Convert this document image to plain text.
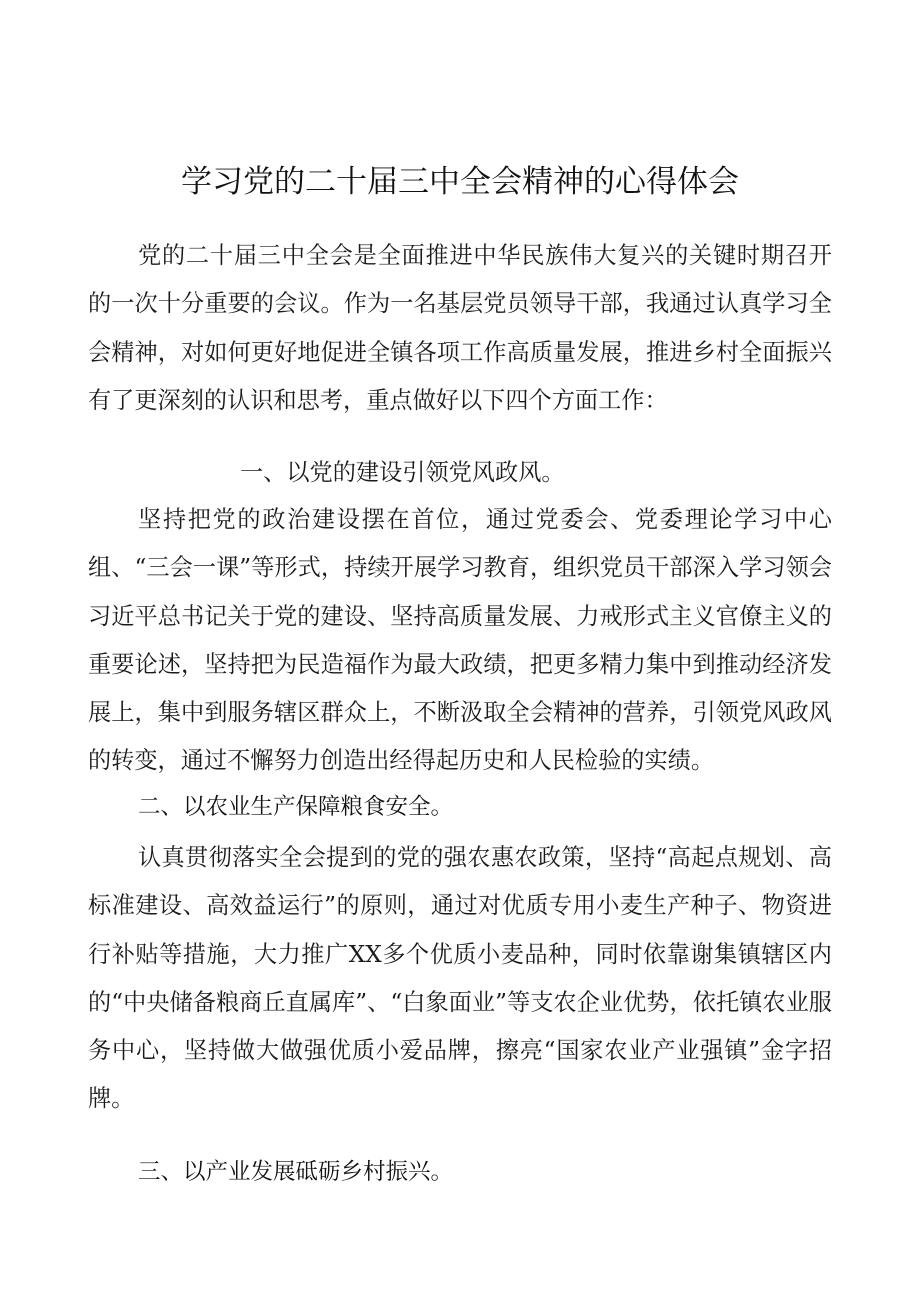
学习党的二十届三中全会精神的心得体会

党的二十届三中全会是全面推进中华民族伟大复兴的关键时期召开的一次十分重要的会议。作为一名基层党员领导干部，我通过认真学习全会精神，对如何更好地促进全镇各项工作高质量发展，推进乡村全面振兴有了更深刻的认识和思考，重点做好以下四个方面工作：

一、以党的建设引领党风政风。

坚持把党的政治建设摆在首位，通过党委会、党委理论学习中心组、“三会一课”等形式，持续开展学习教育，组织党员干部深入学习领会习近平总书记关于党的建设、坚持高质量发展、力戒形式主义官僚主义的重要论述，坚持把为民造福作为最大政绩，把更多精力集中到推动经济发展上，集中到服务辖区群众上，不断汲取全会精神的营养，引领党风政风的转变，通过不懈努力创造出经得起历史和人民检验的实绩。

二、以农业生产保障粮食安全。

认真贯彻落实全会提到的党的强农惠农政策，坚持“高起点规划、高标准建设、高效益运行”的原则，通过对优质专用小麦生产种子、物资进行补贴等措施，大力推广XX多个优质小麦品种，同时依靠谢集镇辖区内的“中央储备粮商丘直属库”、“白象面业”等支农企业优势，依托镇农业服务中心，坚持做大做强优质小爱品牌，擦亮“国家农业产业强镇”金字招牌。

三、以产业发展砥砺乡村振兴。
